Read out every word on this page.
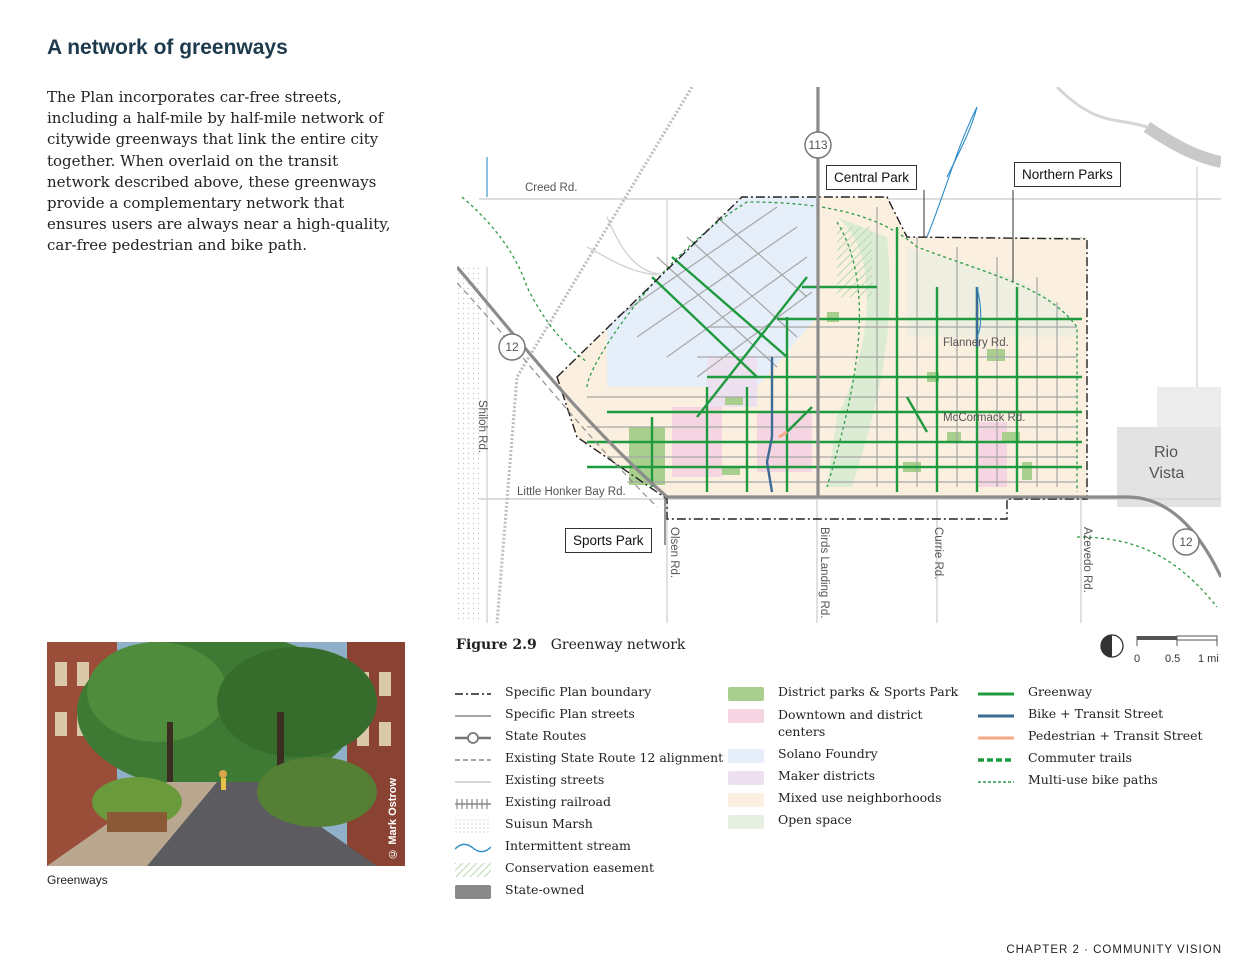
A network of greenways
The Plan incorporates car-free streets, including a half-mile by half-mile network of citywide greenways that link the entire city together. When overlaid on the transit network described above, these greenways provide a complementary network that ensures users are always near a high-quality, car-free pedestrian and bike path.
113
12
12
Creed Rd.
Flannery Rd.
McCormack Rd.
Little Honker Bay Rd.
Shiloh Rd.
Olsen Rd.	Birds Landing Rd.	Currie Rd.	Azevedo Rd.
Rio
Vista
Central Park	Northern Parks
Sports Park
Figure 2.9 Greenway network
0 0.5 1 mi
Specific Plan boundary
Specific Plan streets
State Routes
Existing State Route 12 alignment
Existing streets
Existing railroad
Suisun Marsh
Intermittent stream
Conservation easement
State-owned
District parks & Sports Park
Downtown and district centers
Solano Foundry
Maker districts
Mixed use neighborhoods
Open space
Greenway
Bike + Transit Street
Pedestrian + Transit Street
Commuter trails
Multi-use bike paths
© Mark Ostrow
Greenways
CHAPTER 2 · COMMUNITY VISION
